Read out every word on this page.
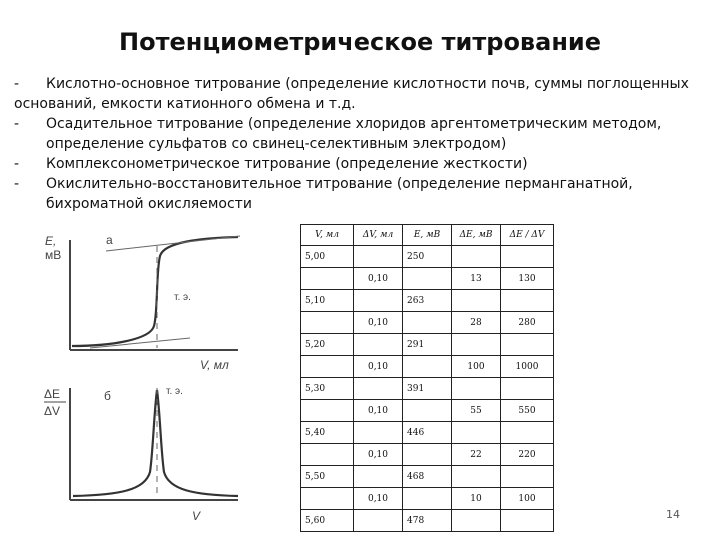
Потенциометрическое титрование
-	Кислотно-основное титрование (определение кислотности почв, суммы поглощенных оснований, емкости катионного обмена и т.д.
-	Осадительное титрование (определение хлоридов аргентометрическим методом, определение сульфатов со свинец-селективным электродом)
-	Комплексонометрическое титрование (определение жесткости)
-	Окислительно-восстановительное титрование (определение перманганатной, бихроматной окисляемости
E,
мВ
а
т. э.
V, мл
ΔE
ΔV
б	т. э.
V
V, мл	ΔV, мл	E, мВ	ΔE, мВ	ΔE / ΔV
5,00		250		
	0,10		13	130
5,10		263		
	0,10		28	280
5,20		291		
	0,10		100	1000
5,30		391		
	0,10		55	550
5,40		446		
	0,10		22	220
5,50		468		
	0,10		10	100
5,60		478			14
